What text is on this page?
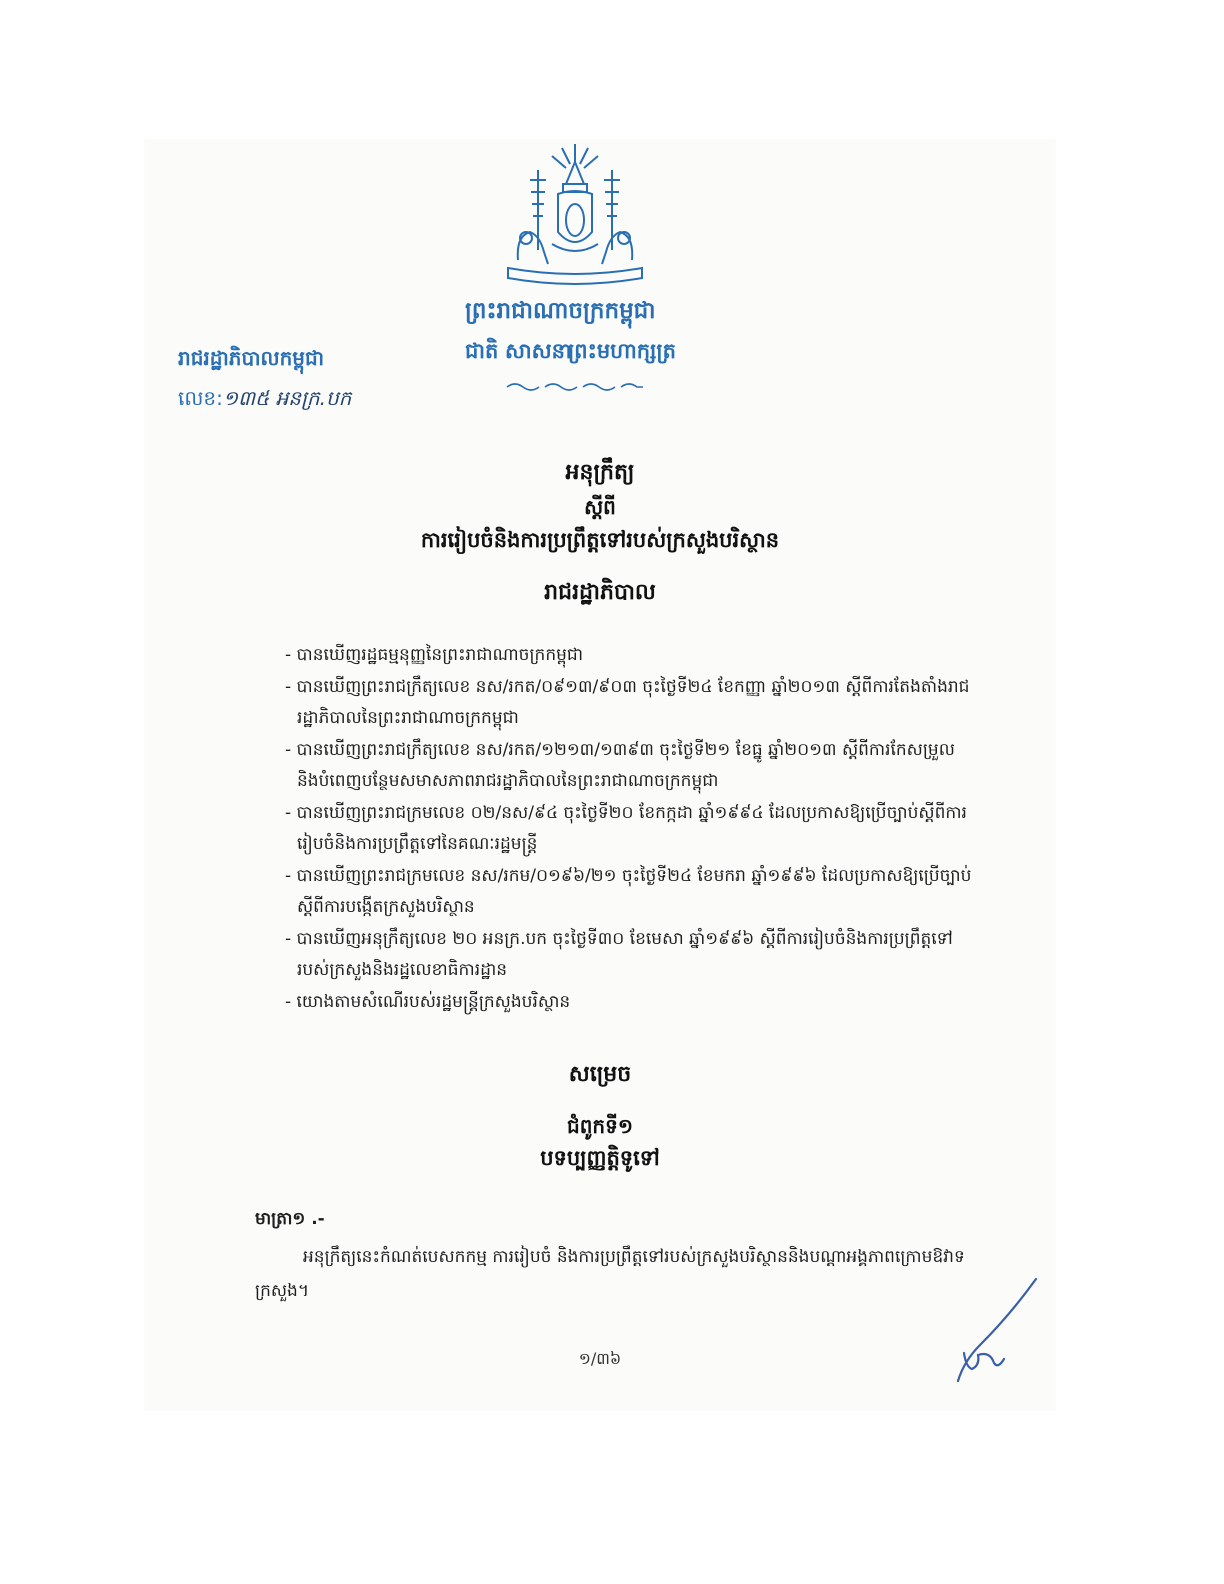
ព្រះរាជាណាចក្រកម្ពុជា
ជាតិ សាសនា
ព្រះមហាក្សត្រ
រាជរដ្ឋាភិបាលកម្ពុជា
លេខ:១៣៥ អនក្រ.បក
អនុក្រឹត្យ
ស្តីពី
ការរៀបចំនិងការប្រព្រឹត្តទៅរបស់ក្រសួងបរិស្ថាន
រាជរដ្ឋាភិបាល
- បានឃើញរដ្ឋធម្មនុញ្ញនៃព្រះរាជាណាចក្រកម្ពុជា
- បានឃើញព្រះរាជក្រឹត្យលេខ នស/រកត/០៩១៣/៩០៣ ចុះថ្ងៃទី២៤ ខែកញ្ញា ឆ្នាំ២០១៣ ស្តីពីការតែងតាំងរាជរដ្ឋាភិបាលនៃព្រះរាជាណាចក្រកម្ពុជា
- បានឃើញព្រះរាជក្រឹត្យលេខ នស/រកត/១២១៣/១៣៩៣ ចុះថ្ងៃទី២១ ខែធ្នូ ឆ្នាំ២០១៣ ស្តីពីការកែសម្រួលនិងបំពេញបន្ថែមសមាសភាពរាជរដ្ឋាភិបាលនៃព្រះរាជាណាចក្រកម្ពុជា
- បានឃើញព្រះរាជក្រមលេខ ០២/នស/៩៤ ចុះថ្ងៃទី២០ ខែកក្កដា ឆ្នាំ១៩៩៤ ដែលប្រកាសឱ្យប្រើច្បាប់ស្តីពីការរៀបចំនិងការប្រព្រឹត្តទៅនៃគណៈរដ្ឋមន្ត្រី
- បានឃើញព្រះរាជក្រមលេខ នស/រកម/០១៩៦/២១ ចុះថ្ងៃទី២៤ ខែមករា ឆ្នាំ១៩៩៦ ដែលប្រកាសឱ្យប្រើច្បាប់ស្តីពីការបង្កើតក្រសួងបរិស្ថាន
- បានឃើញអនុក្រឹត្យលេខ ២០ អនក្រ.បក ចុះថ្ងៃទី៣០ ខែមេសា ឆ្នាំ១៩៩៦ ស្តីពីការរៀបចំនិងការប្រព្រឹត្តទៅរបស់ក្រសួងនិងរដ្ឋលេខាធិការដ្ឋាន
- យោងតាមសំណើរបស់រដ្ឋមន្ត្រីក្រសួងបរិស្ថាន
សម្រេច
ជំពូកទី១
បទប្បញ្ញត្តិទូទៅ
មាត្រា១ .-
អនុក្រឹត្យនេះកំណត់បេសកកម្ម ការរៀបចំ និងការប្រព្រឹត្តទៅរបស់ក្រសួងបរិស្ថាននិងបណ្តាអង្គភាពក្រោមឱវាទក្រសួង។
១/៣៦
